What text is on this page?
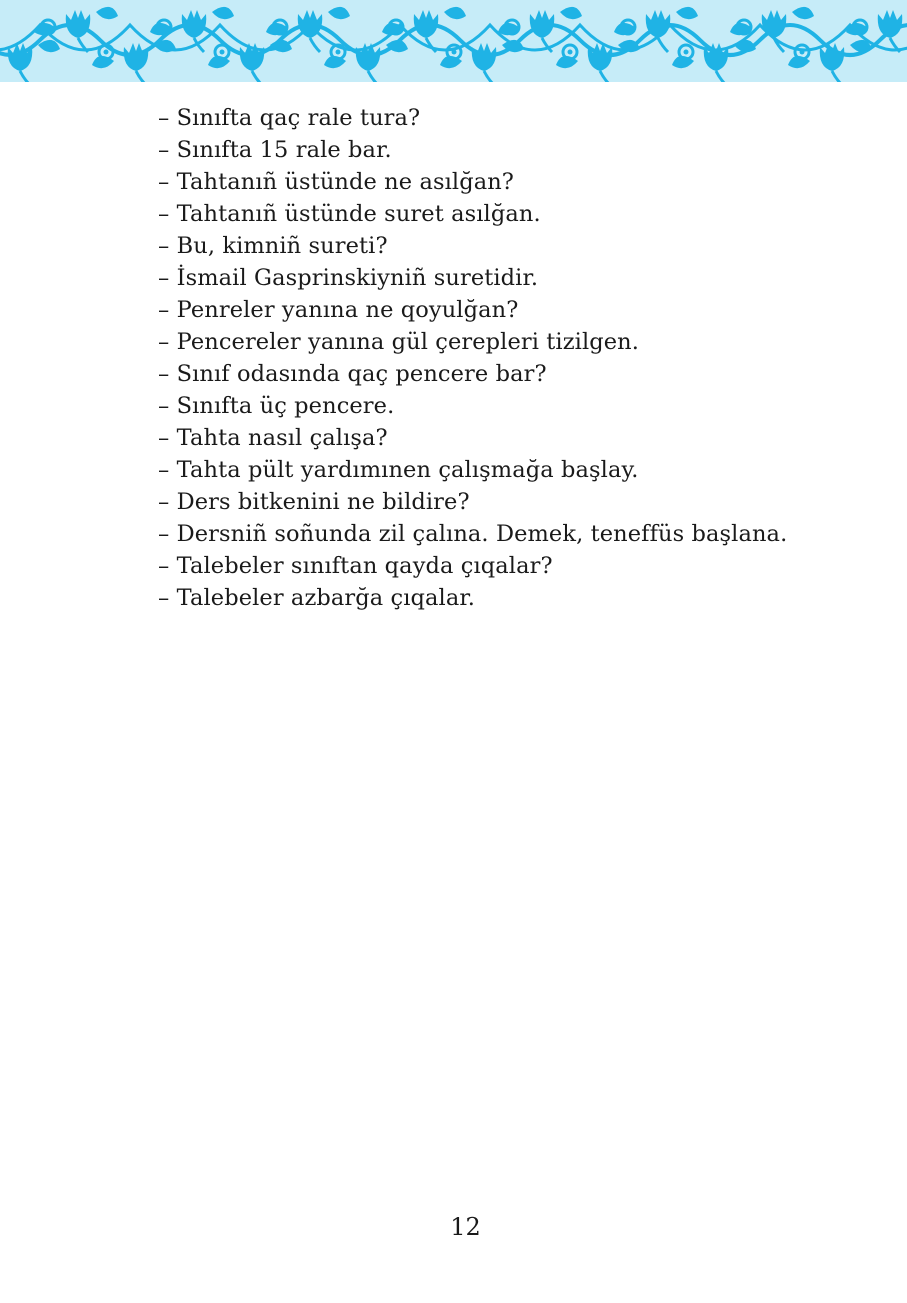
– Sınıfta qaç rale tura?
– Sınıfta 15 rale bar.
– Tahtanıñ üstünde ne asılğan?
– Tahtanıñ üstünde suret asılğan.
– Bu, kimniñ sureti?
– İsmail Gasprinskiyniñ suretidir.
– Penreler yanına ne qoyulğan?
– Pencereler yanına gül çerepleri tizilgen.
– Sınıf odasında qaç pencere bar?
– Sınıfta üç pencere.
– Tahta nasıl çalışa?
– Tahta pült yardımınen çalışmağa başlay.
– Ders bitkenini ne bildire?
– Dersniñ soñunda zil çalına. Demek, teneffüs başlana.
– Talebeler sınıftan qayda çıqalar?
– Talebeler azbarğa çıqalar.
12
